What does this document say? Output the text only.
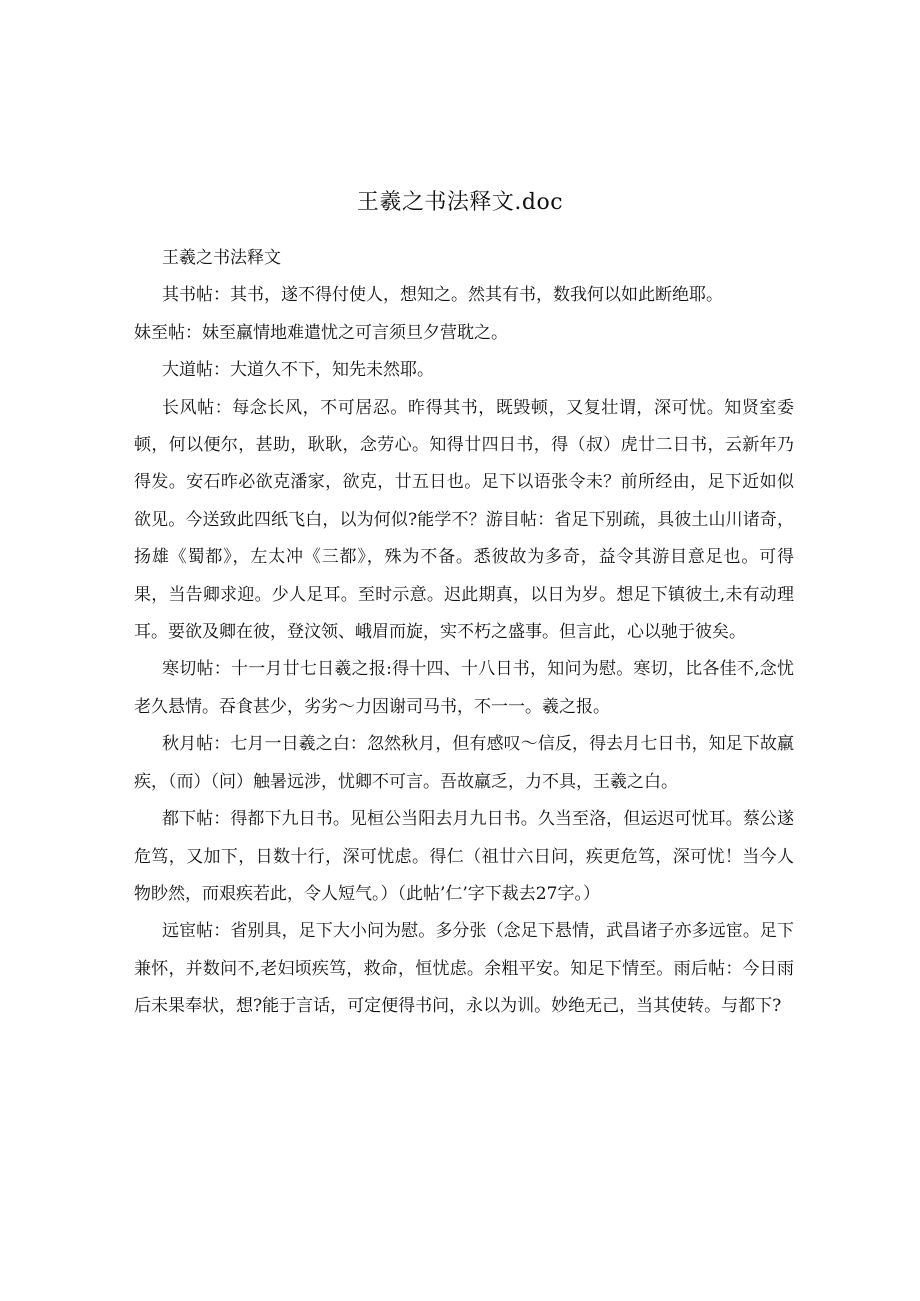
王羲之书法释文.doc

王羲之书法释文

其书帖：其书，遂不得付使人，想知之。然其有书，数我何以如此断绝耶。

妹至帖：妹至羸情地难遣忧之可言须旦夕营耽之。

大道帖：大道久不下，知先未然耶。

长风帖：每念长风，不可居忍。昨得其书，既毁顿，又复壮谓，深可忧。知贤室委顿，何以便尔，甚助，耿耿，念劳心。知得廿四日书，得（叔）虎廿二日书，云新年乃得发。安石昨必欲克潘家，欲克，廿五日也。足下以语张令未？前所经由，足下近如似欲见。今送致此四纸飞白，以为何似?能学不？游目帖：省足下别疏，具彼土山川诸奇，扬雄《蜀都》，左太冲《三都》，殊为不备。悉彼故为多奇，益令其游目意足也。可得果，当告卿求迎。少人足耳。至时示意。迟此期真，以日为岁。想足下镇彼土,未有动理耳。要欲及卿在彼，登汶领、峨眉而旋，实不朽之盛事。但言此，心以驰于彼矣。

寒切帖：十一月廿七日羲之报:得十四、十八日书，知问为慰。寒切，比各佳不,念忧老久悬情。吞食甚少，劣劣～力因谢司马书，不一一。羲之报。

秋月帖：七月一日羲之白：忽然秋月，但有感叹～信反，得去月七日书，知足下故羸疾，（而）（问）触暑远涉，忧卿不可言。吾故羸乏，力不具，王羲之白。

都下帖：得都下九日书。见桓公当阳去月九日书。久当至洛，但运迟可忧耳。蔡公遂危笃，又加下，日数十行，深可忧虑。得仁（祖廿六日问，疾更危笃，深可忧！当今人物眇然，而艰疾若此，令人短气。）（此帖’仁’字下裁去27字。）

远宦帖：省别具，足下大小问为慰。多分张（念足下悬情，武昌诸子亦多远宦。足下兼怀，并数问不,老妇顷疾笃，救命，恒忧虑。余粗平安。知足下情至。雨后帖：今日雨后未果奉状，想?能于言话，可定便得书问，永以为训。妙绝无己，当其使转。与都下?
